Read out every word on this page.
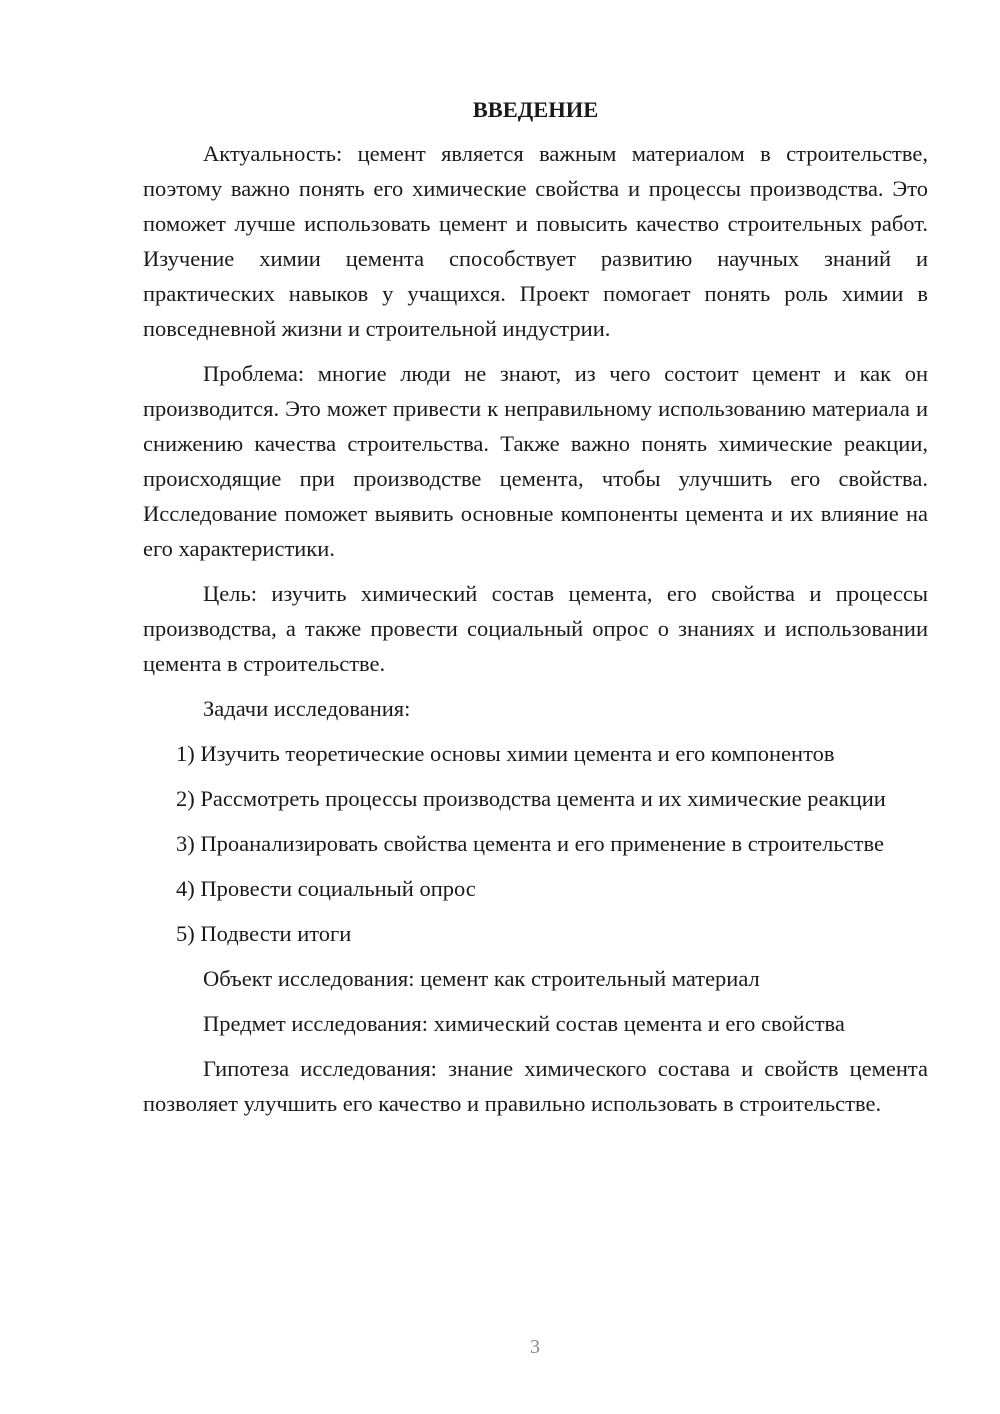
ВВЕДЕНИЕ

Актуальность: цемент является важным материалом в строительстве, поэтому важно понять его химические свойства и процессы производства. Это поможет лучше использовать цемент и повысить качество строительных работ. Изучение химии цемента способствует развитию научных знаний и практических навыков у учащихся. Проект помогает понять роль химии в повседневной жизни и строительной индустрии.

Проблема: многие люди не знают, из чего состоит цемент и как он производится. Это может привести к неправильному использованию материала и снижению качества строительства. Также важно понять химические реакции, происходящие при производстве цемента, чтобы улучшить его свойства. Исследование поможет выявить основные компоненты цемента и их влияние на его характеристики.

Цель: изучить химический состав цемента, его свойства и процессы производства, а также провести социальный опрос о знаниях и использовании цемента в строительстве.

Задачи исследования:

1) Изучить теоретические основы химии цемента и его компонентов

2) Рассмотреть процессы производства цемента и их химические реакции

3) Проанализировать свойства цемента и его применение в строительстве

4) Провести социальный опрос

5) Подвести итоги

Объект исследования: цемент как строительный материал

Предмет исследования: химический состав цемента и его свойства

Гипотеза исследования: знание химического состава и свойств цемента позволяет улучшить его качество и правильно использовать в строительстве.

3
